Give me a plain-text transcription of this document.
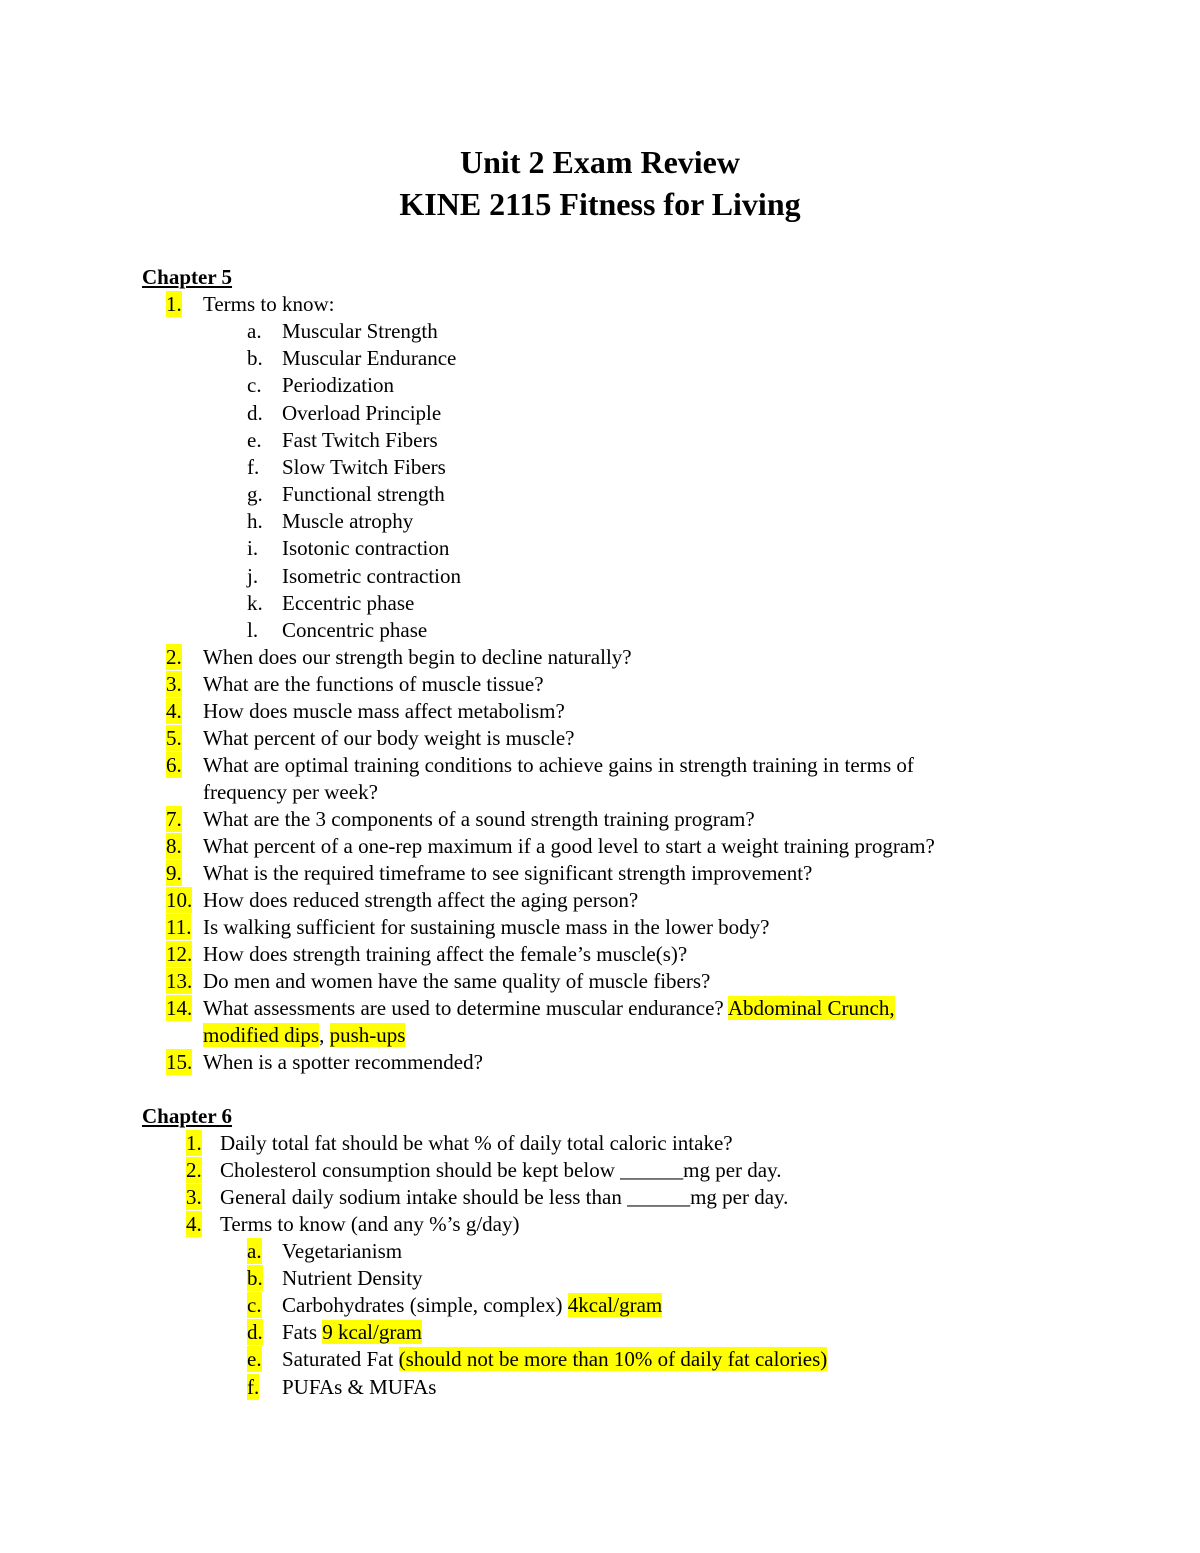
Unit 2 Exam Review
KINE 2115 Fitness for Living
Chapter 5
1. Terms to know:
a. Muscular Strength
b. Muscular Endurance
c. Periodization
d. Overload Principle
e. Fast Twitch Fibers
f. Slow Twitch Fibers
g. Functional strength
h. Muscle atrophy
i. Isotonic contraction
j. Isometric contraction
k. Eccentric phase
l. Concentric phase
2. When does our strength begin to decline naturally?
3. What are the functions of muscle tissue?
4. How does muscle mass affect metabolism?
5. What percent of our body weight is muscle?
6. What are optimal training conditions to achieve gains in strength training in terms of
frequency per week?
7. What are the 3 components of a sound strength training program?
8. What percent of a one-rep maximum if a good level to start a weight training program?
9. What is the required timeframe to see significant strength improvement?
10. How does reduced strength affect the aging person?
11. Is walking sufficient for sustaining muscle mass in the lower body?
12. How does strength training affect the female’s muscle(s)?
13. Do men and women have the same quality of muscle fibers?
14. What assessments are used to determine muscular endurance? Abdominal Crunch,
modified dips, push-ups
15. When is a spotter recommended?
Chapter 6
1. Daily total fat should be what % of daily total caloric intake?
2. Cholesterol consumption should be kept below ______mg per day.
3. General daily sodium intake should be less than ______mg per day.
4. Terms to know (and any %’s g/day)
a. Vegetarianism
b. Nutrient Density
c. Carbohydrates (simple, complex) 4kcal/gram
d. Fats 9 kcal/gram
e. Saturated Fat (should not be more than 10% of daily fat calories)
f. PUFAs & MUFAs
